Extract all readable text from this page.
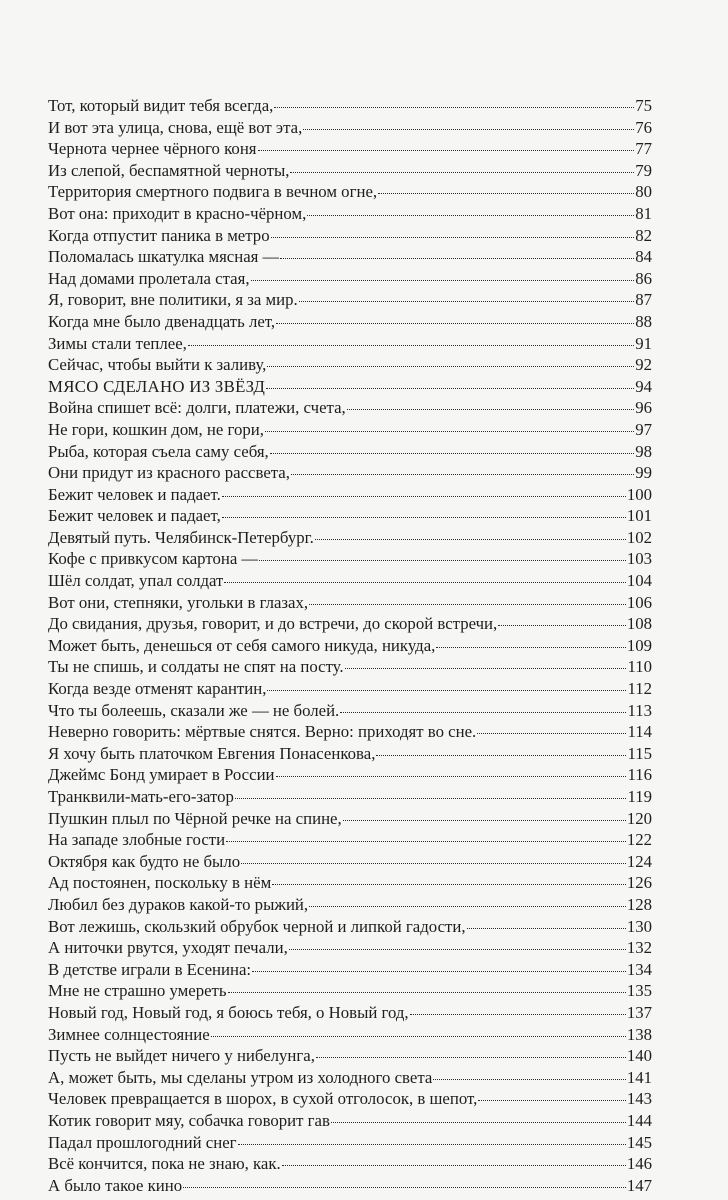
Тот, который видит тебя всегда,	75
И вот эта улица, снова, ещё вот эта,	76
Чернота чернее чёрного коня	77
Из слепой, беспамятной черноты,	79
Территория смертного подвига в вечном огне,	80
Вот она: приходит в красно-чёрном,	81
Когда отпустит паника в метро	82
Поломалась шкатулка мясная —	84
Над домами пролетала стая,	86
Я, говорит, вне политики, я за мир.	87
Когда мне было двенадцать лет,	88
Зимы стали теплее,	91
Сейчас, чтобы выйти к заливу,	92
МЯСО СДЕЛАНО ИЗ ЗВЁЗД	94
Война спишет всё: долги, платежи, счета,	96
Не гори, кошкин дом, не гори,	97
Рыба, которая съела саму себя,	98
Они придут из красного рассвета,	99
Бежит человек и падает.	100
Бежит человек и падает,	101
Девятый путь. Челябинск-Петербург.	102
Кофе с привкусом картона —	103
Шёл солдат, упал солдат	104
Вот они, степняки, угольки в глазах,	106
До свидания, друзья, говорит, и до встречи, до скорой встречи,	108
Может быть, денешься от себя самого никуда, никуда,	109
Ты не спишь, и солдаты не спят на посту.	110
Когда везде отменят карантин,	112
Что ты болеешь, сказали же — не болей.	113
Неверно говорить: мёртвые снятся. Верно: приходят во сне.	114
Я хочу быть платочком Евгения Понасенкова,	115
Джеймс Бонд умирает в России	116
Транквили-мать-его-затор	119
Пушкин плыл по Чёрной речке на спине,	120
На западе злобные гости	122
Октября как будто не было	124
Ад постоянен, поскольку в нём	126
Любил без дураков какой-то рыжий,	128
Вот лежишь, скользкий обрубок черной и липкой гадости,	130
А ниточки рвутся, уходят печали,	132
В детстве играли в Есенина:	134
Мне не страшно умереть	135
Новый год, Новый год, я боюсь тебя, о Новый год,	137
Зимнее солнцестояние	138
Пусть не выйдет ничего у нибелунга,	140
А, может быть, мы сделаны утром из холодного света	141
Человек превращается в шорох, в сухой отголосок, в шепот,	143
Котик говорит мяу, собачка говорит гав	144
Падал прошлогодний снег	145
Всё кончится, пока не знаю, как.	146
А было такое кино	147
